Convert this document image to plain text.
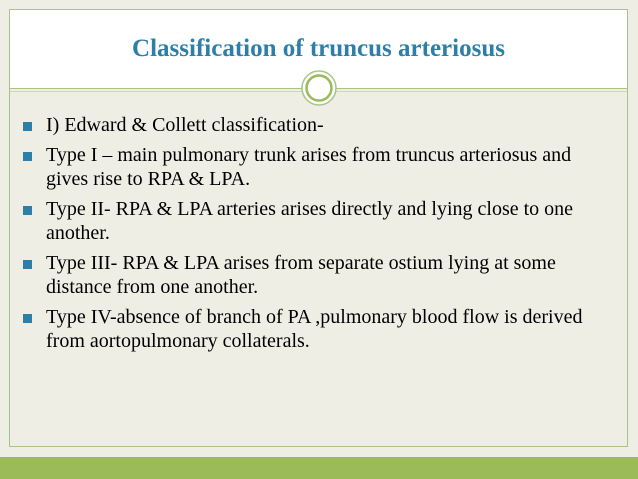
Classification of truncus arteriosus
I) Edward & Collett classification-
Type I – main pulmonary trunk arises from truncus arteriosus and gives rise to RPA & LPA.
Type II- RPA & LPA arteries arises directly and lying close to one another.
Type III- RPA & LPA arises from separate ostium lying at some distance from one another.
Type IV-absence of branch of PA ,pulmonary blood flow is derived from aortopulmonary collaterals.
